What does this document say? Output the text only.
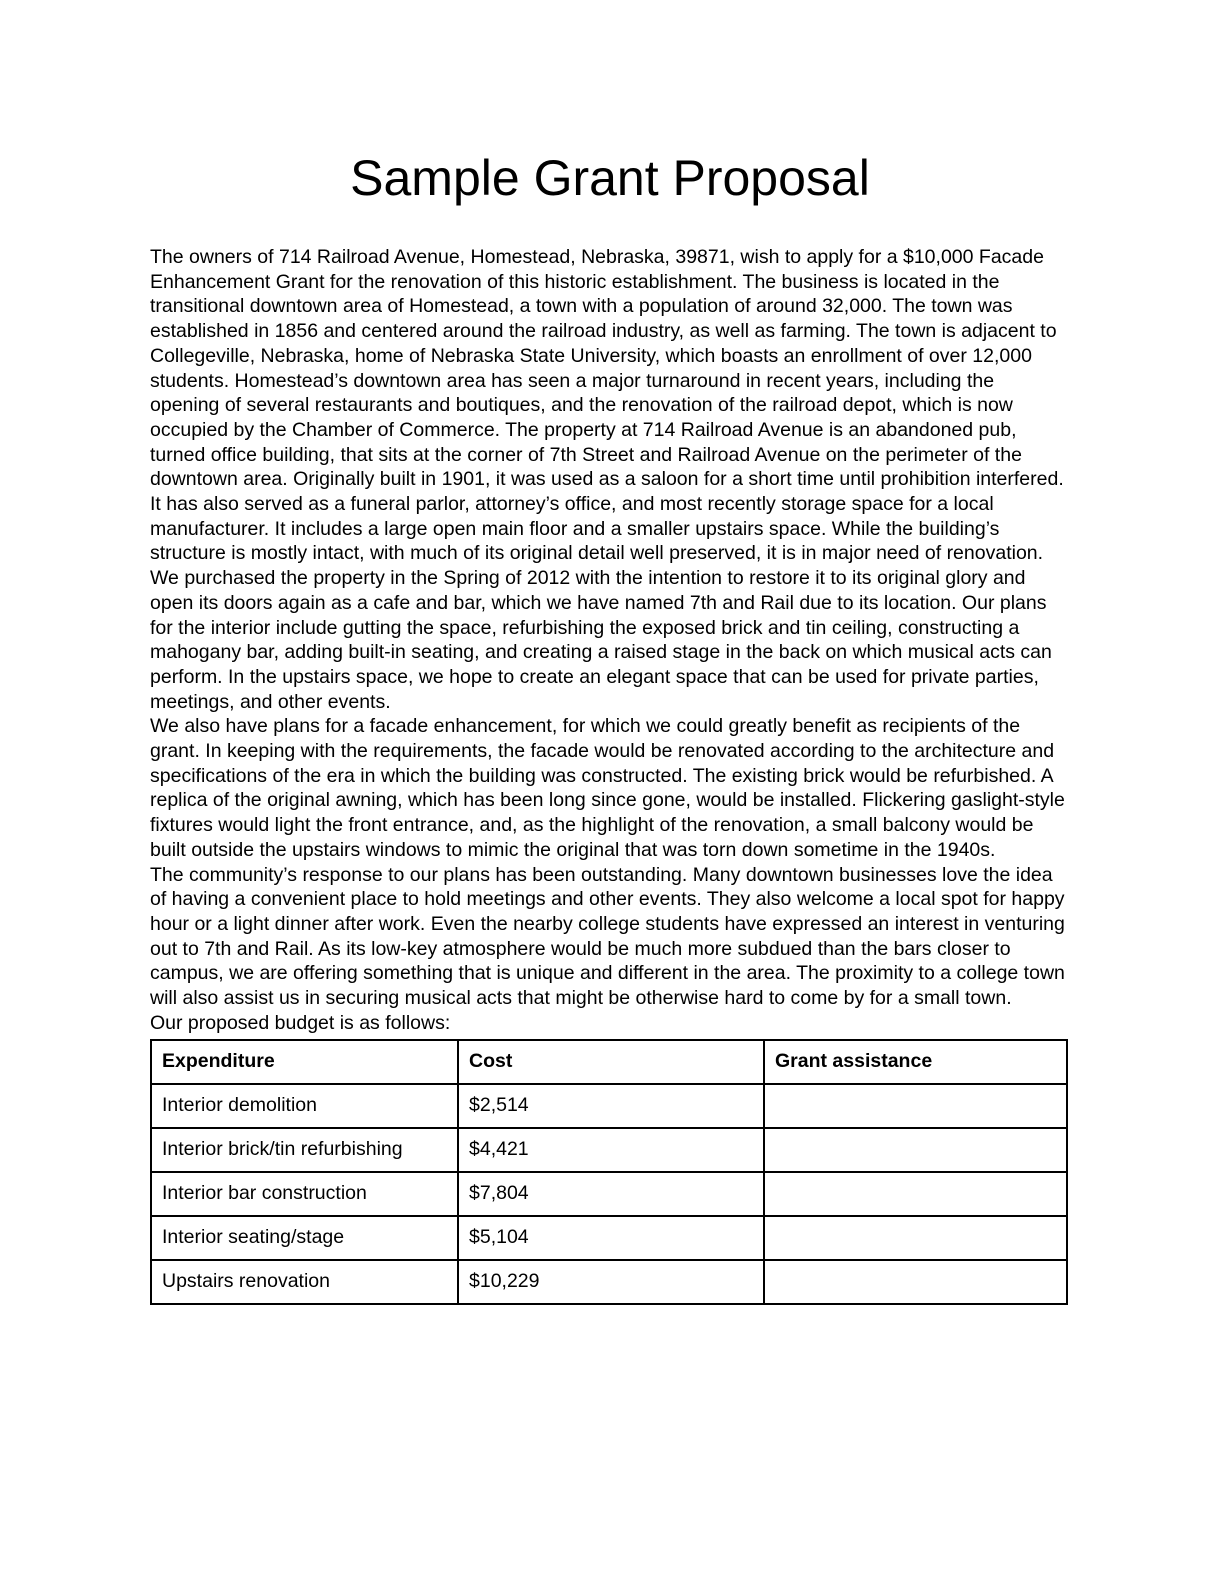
Sample Grant Proposal

The owners of 714 Railroad Avenue, Homestead, Nebraska, 39871, wish to apply for a $10,000 Facade Enhancement Grant for the renovation of this historic establishment. The business is located in the transitional downtown area of Homestead, a town with a population of around 32,000. The town was established in 1856 and centered around the railroad industry, as well as farming. The town is adjacent to Collegeville, Nebraska, home of Nebraska State University, which boasts an enrollment of over 12,000 students. Homestead’s downtown area has seen a major turnaround in recent years, including the opening of several restaurants and boutiques, and the renovation of the railroad depot, which is now occupied by the Chamber of Commerce. The property at 714 Railroad Avenue is an abandoned pub, turned office building, that sits at the corner of 7th Street and Railroad Avenue on the perimeter of the downtown area. Originally built in 1901, it was used as a saloon for a short time until prohibition interfered. It has also served as a funeral parlor, attorney’s office, and most recently storage space for a local manufacturer. It includes a large open main floor and a smaller upstairs space. While the building’s structure is mostly intact, with much of its original detail well preserved, it is in major need of renovation.

We purchased the property in the Spring of 2012 with the intention to restore it to its original glory and open its doors again as a cafe and bar, which we have named 7th and Rail due to its location. Our plans for the interior include gutting the space, refurbishing the exposed brick and tin ceiling, constructing a mahogany bar, adding built-in seating, and creating a raised stage in the back on which musical acts can perform. In the upstairs space, we hope to create an elegant space that can be used for private parties, meetings, and other events.

We also have plans for a facade enhancement, for which we could greatly benefit as recipients of the grant. In keeping with the requirements, the facade would be renovated according to the architecture and specifications of the era in which the building was constructed. The existing brick would be refurbished. A replica of the original awning, which has been long since gone, would be installed. Flickering gaslight-style fixtures would light the front entrance, and, as the highlight of the renovation, a small balcony would be built outside the upstairs windows to mimic the original that was torn down sometime in the 1940s.

The community’s response to our plans has been outstanding. Many downtown businesses love the idea of having a convenient place to hold meetings and other events. They also welcome a local spot for happy hour or a light dinner after work. Even the nearby college students have expressed an interest in venturing out to 7th and Rail. As its low-key atmosphere would be much more subdued than the bars closer to campus, we are offering something that is unique and different in the area. The proximity to a college town will also assist us in securing musical acts that might be otherwise hard to come by for a small town.

Our proposed budget is as follows:

Expenditure	Cost	Grant assistance
Interior demolition	$2,514	
Interior brick/tin refurbishing	$4,421	
Interior bar construction	$7,804	
Interior seating/stage	$5,104	
Upstairs renovation	$10,229	
